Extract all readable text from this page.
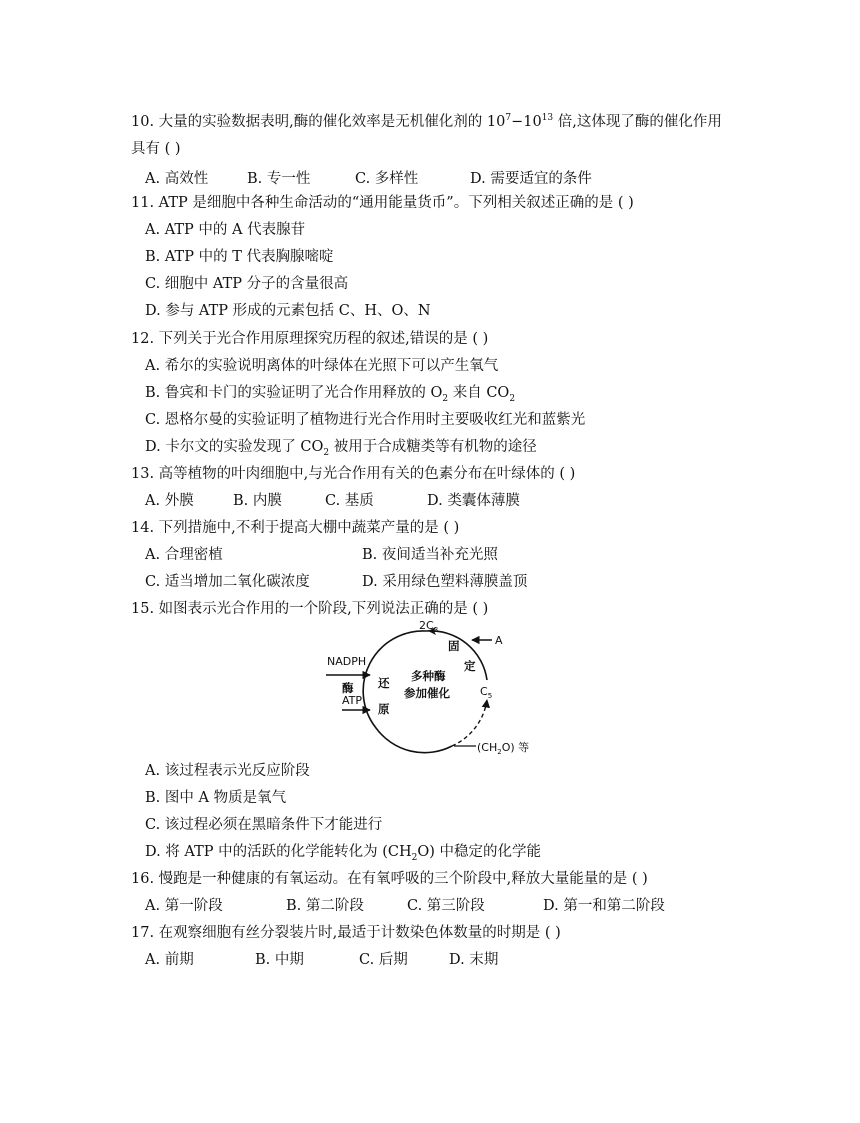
10. 大量的实验数据表明,酶的催化效率是无机催化剂的 $10^7-10^{13}$ 倍,这体现了酶的催化作用
具有 ( )
A. 高效性	B. 专一性	C. 多样性	D. 需要适宜的条件
11. ATP 是细胞中各种生命活动的“通用能量货币”。下列相关叙述正确的是 ( )
A. ATP 中的 A 代表腺苷
B. ATP 中的 T 代表胸腺嘧啶
C. 细胞中 ATP 分子的含量很高
D. 参与 ATP 形成的元素包括 C、H、O、N
12. 下列关于光合作用原理探究历程的叙述,错误的是 ( )
A. 希尔的实验说明离体的叶绿体在光照下可以产生氧气
B. 鲁宾和卡门的实验证明了光合作用释放的 $O_2$ 来自 $CO_2$
C. 恩格尔曼的实验证明了植物进行光合作用时主要吸收红光和蓝紫光
D. 卡尔文的实验发现了 $CO_2$ 被用于合成糖类等有机物的途径
13. 高等植物的叶肉细胞中,与光合作用有关的色素分布在叶绿体的 ( )
A. 外膜	B. 内膜	C. 基质	D. 类囊体薄膜
14. 下列措施中,不利于提高大棚中蔬菜产量的是 ( )
A. 合理密植	B. 夜间适当补充光照
C. 适当增加二氧化碳浓度	D. 采用绿色塑料薄膜盖顶
15. 如图表示光合作用的一个阶段,下列说法正确的是 ( )
$2C_3$
A
固
定
$C_5$
多种酶
参加催化
NADPH
酶
ATP
还
原
$(CH_2O)$ 等
A. 该过程表示光反应阶段
B. 图中 A 物质是氧气
C. 该过程必须在黑暗条件下才能进行
D. 将 ATP 中的活跃的化学能转化为 $(CH_2O)$ 中稳定的化学能
16. 慢跑是一种健康的有氧运动。在有氧呼吸的三个阶段中,释放大量能量的是 ( )
A. 第一阶段	B. 第二阶段	C. 第三阶段	D. 第一和第二阶段
17. 在观察细胞有丝分裂装片时,最适于计数染色体数量的时期是 ( )
A. 前期	B. 中期	C. 后期	D. 末期
